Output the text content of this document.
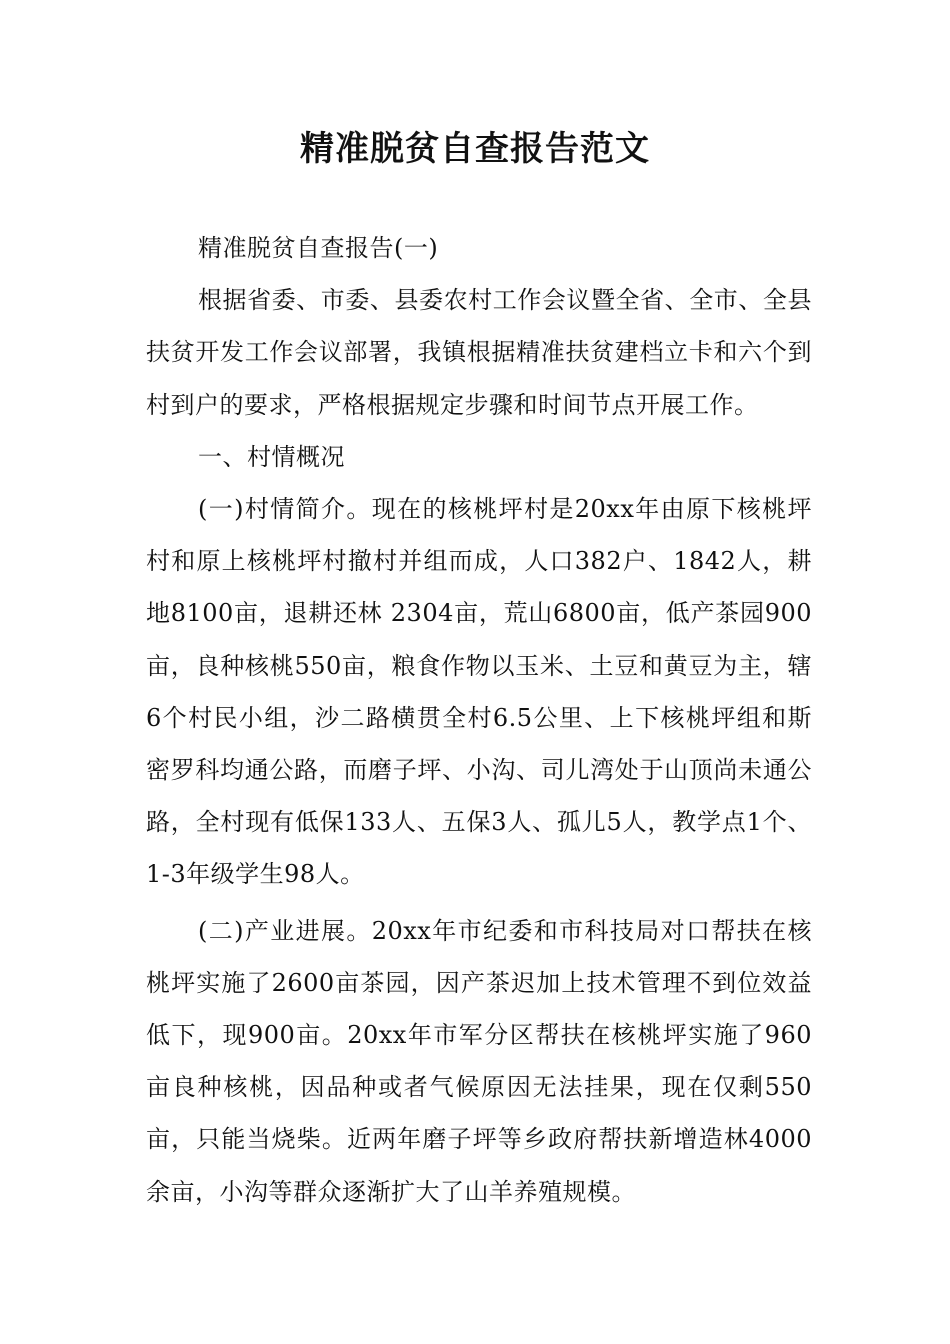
精准脱贫自查报告范文

精准脱贫自查报告(一)

根据省委、市委、县委农村工作会议暨全省、全市、全县扶贫开发工作会议部署，我镇根据精准扶贫建档立卡和六个到村到户的要求，严格根据规定步骤和时间节点开展工作。

一、村情概况

(一)村情简介。现在的核桃坪村是20xx年由原下核桃坪村和原上核桃坪村撤村并组而成，人口382户、1842人，耕地8100亩，退耕还林 2304亩，荒山6800亩，低产茶园900亩，良种核桃550亩，粮食作物以玉米、土豆和黄豆为主，辖6个村民小组，沙二路横贯全村6.5公里、上下核桃坪组和斯密罗科均通公路，而磨子坪、小沟、司儿湾处于山顶尚未通公路，全村现有低保133人、五保3人、孤儿5人，教学点1个、1-3年级学生98人。

(二)产业进展。20xx年市纪委和市科技局对口帮扶在核桃坪实施了2600亩茶园，因产茶迟加上技术管理不到位效益低下，现900亩。20xx年市军分区帮扶在核桃坪实施了960亩良种核桃，因品种或者气候原因无法挂果，现在仅剩550亩，只能当烧柴。近两年磨子坪等乡政府帮扶新增造林4000余亩，小沟等群众逐渐扩大了山羊养殖规模。
